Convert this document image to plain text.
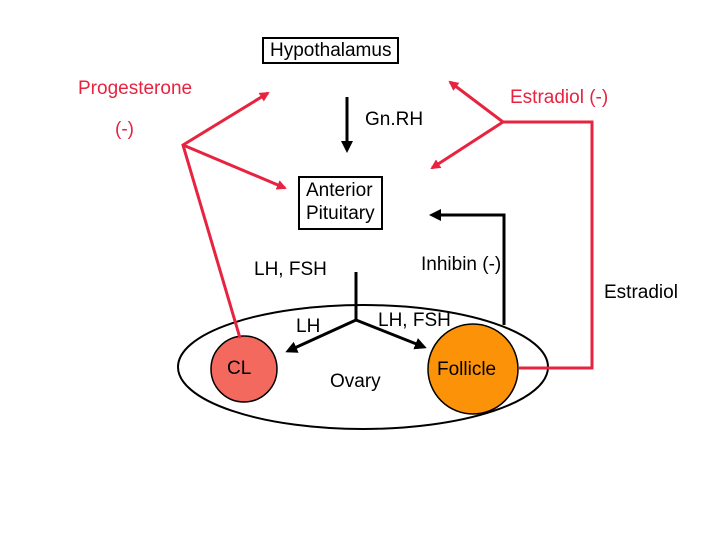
Hypothalamus
Progesterone
(-)
Estradiol (-)
Gn.RH
Anterior
Pituitary
LH, FSH	Inhibin (-)
Estradiol
LH	LH, FSH
CL
Ovary
Follicle
